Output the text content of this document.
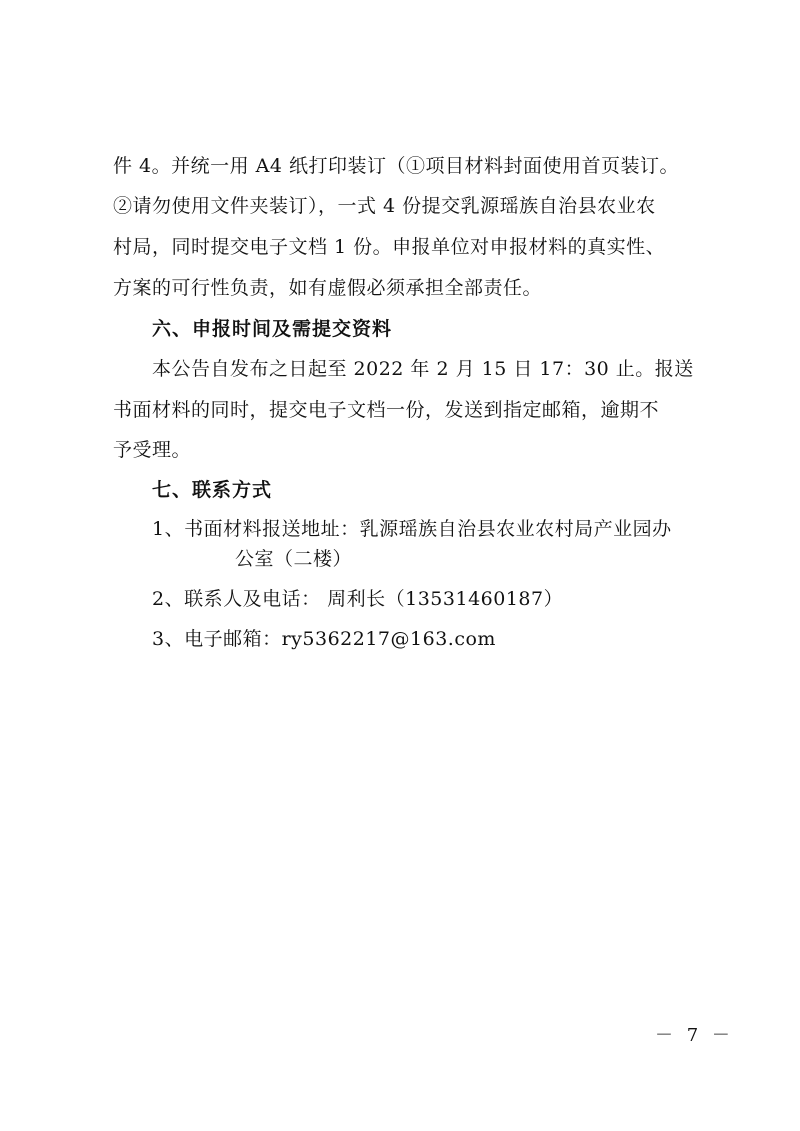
件 4。并统一用 A4 纸打印装订（①项目材料封面使用首页装订。
②请勿使用文件夹装订），一式 4 份提交乳源瑶族自治县农业农
村局，同时提交电子文档 1 份。申报单位对申报材料的真实性、
方案的可行性负责，如有虚假必须承担全部责任。
六、申报时间及需提交资料
本公告自发布之日起至 2022 年 2 月 15 日 17：30 止。报送
书面材料的同时，提交电子文档一份，发送到指定邮箱，逾期不
予受理。
七、联系方式
1、书面材料报送地址：乳源瑶族自治县农业农村局产业园办
公室（二楼）
2、联系人及电话： 周利长（13531460187）
3、电子邮箱：ry5362217@163.com
－ 7 －
